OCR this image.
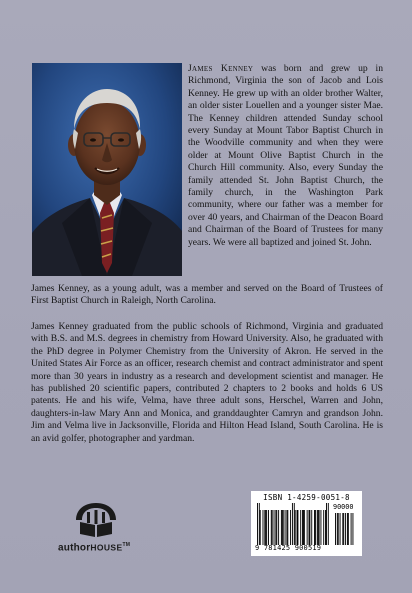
James Kenney was born and grew up in Richmond, Virginia the son of Jacob and Lois Kenney. He grew up with an older brother Walter, an older sister Louellen and a younger sister Mae. The Kenney children attended Sunday school every Sunday at Mount Tabor Baptist Church in the Woodville community and when they were older at Mount Olive Baptist Church in the Church Hill community. Also, every Sunday the family attended St. John Baptist Church, the family church, in the Washington Park community, where our father was a member for over 40 years, and Chairman of the Deacon Board and Chairman of the Board of Trustees for many years. We were all baptized and joined St. John.

James Kenney, as a young adult, was a member and served on the Board of Trustees of First Baptist Church in Raleigh, North Carolina.

James Kenney graduated from the public schools of Richmond, Virginia and graduated with B.S. and M.S. degrees in chemistry from Howard University. Also, he graduated with the PhD degree in Polymer Chemistry from the University of Akron. He served in the United States Air Force as an officer, research chemist and contract administrator and spent more than 30 years in industry as a research and development scientist and manager. He has published 20 scientific papers, contributed 2 chapters to 2 books and holds 6 US patents. He and his wife, Velma, have three adult sons, Herschel, Warren and John, daughters-in-law Mary Ann and Monica, and granddaughter Camryn and grandson John. Jim and Velma live in Jacksonville, Florida and Hilton Head Island, South Carolina. He is an avid golfer, photographer and yardman.

authorHOUSE™
ISBN 1-4259-0051-8
90000
9 781425 900519
